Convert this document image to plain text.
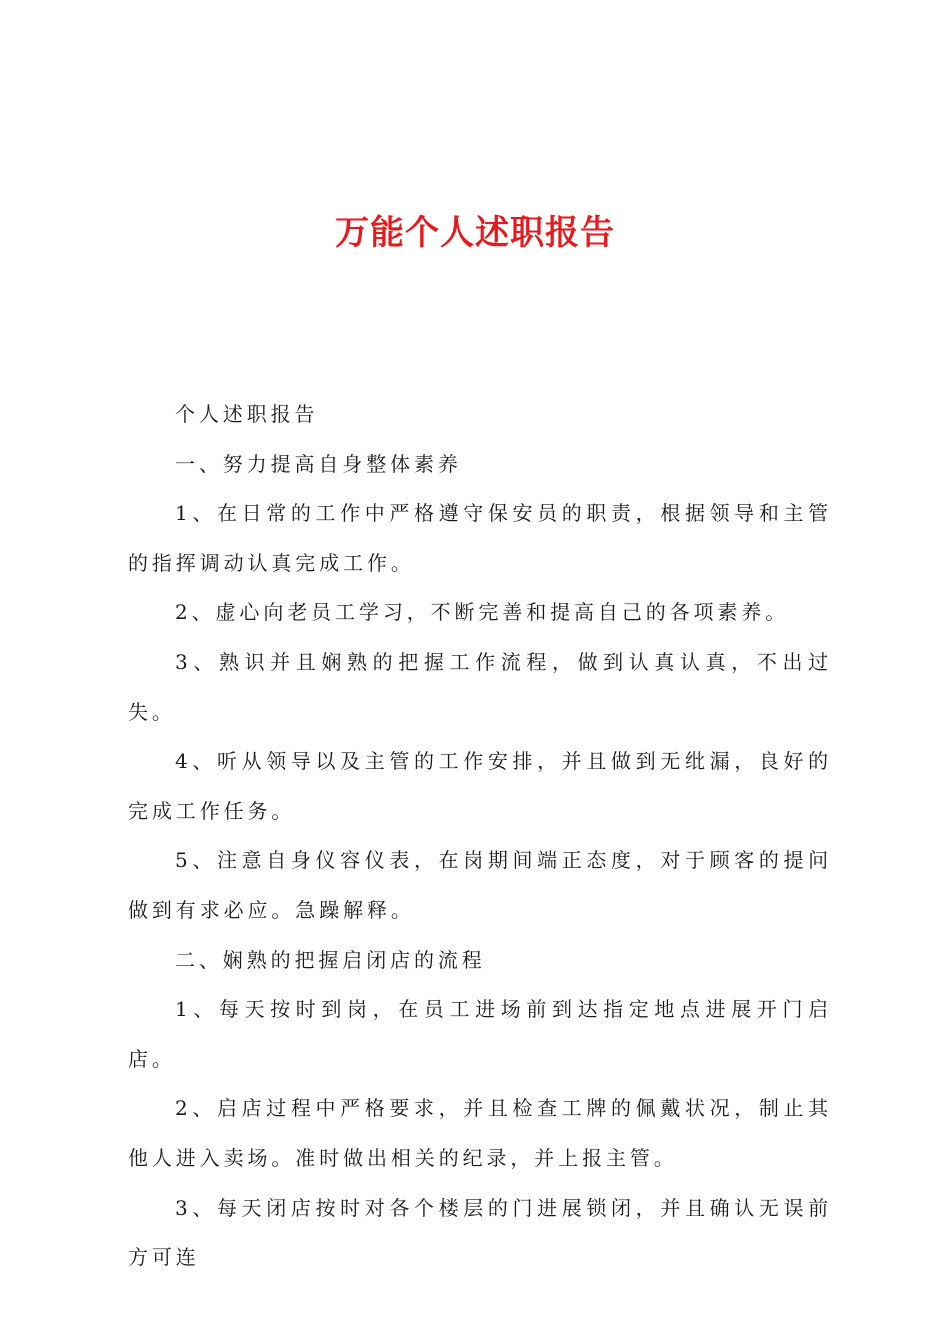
万能个人述职报告

个人述职报告

一、努力提高自身整体素养

1、在日常的工作中严格遵守保安员的职责，根据领导和主管的指挥调动认真完成工作。

2、虚心向老员工学习，不断完善和提高自己的各项素养。

3、熟识并且娴熟的把握工作流程，做到认真认真，不出过失。

4、听从领导以及主管的工作安排，并且做到无纰漏，良好的完成工作任务。

5、注意自身仪容仪表，在岗期间端正态度，对于顾客的提问做到有求必应。急躁解释。

二、娴熟的把握启闭店的流程

1、每天按时到岗，在员工进场前到达指定地点进展开门启店。

2、启店过程中严格要求，并且检查工牌的佩戴状况，制止其他人进入卖场。准时做出相关的纪录，并上报主管。

3、每天闭店按时对各个楼层的门进展锁闭，并且确认无误前方可连
